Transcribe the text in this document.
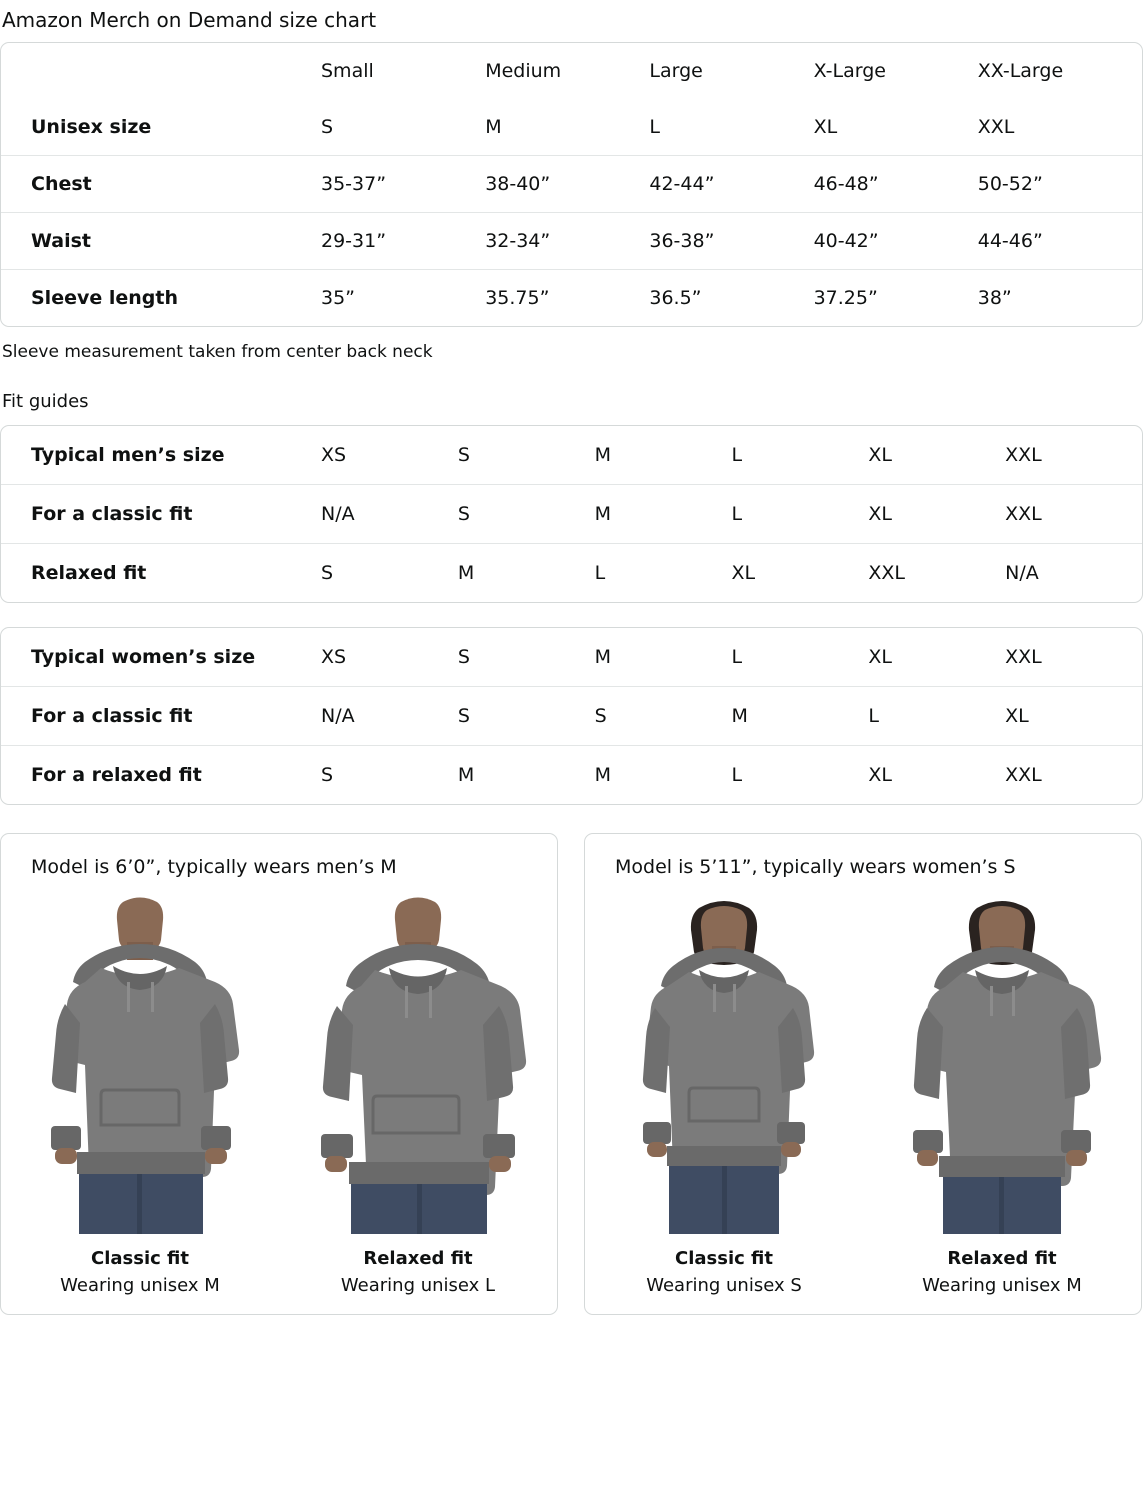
Amazon Merch on Demand size chart
	Small	Medium	Large	X-Large	XX-Large
Unisex size	S	M	L	XL	XXL
Chest	35-37”	38-40”	42-44”	46-48”	50-52”
Waist	29-31”	32-34”	36-38”	40-42”	44-46”
Sleeve length	35”	35.75”	36.5”	37.25”	38”
Sleeve measurement taken from center back neck
Fit guides
Typical men’s size	XS	S	M	L	XL	XXL
For a classic fit	N/A	S	M	L	XL	XXL
Relaxed fit	S	M	L	XL	XXL	N/A
Typical women’s size	XS	S	M	L	XL	XXL
For a classic fit	N/A	S	S	M	L	XL
For a relaxed fit	S	M	M	L	XL	XXL
Model is 6’0”, typically wears men’s M
Classic fit
Wearing unisex M
Relaxed fit
Wearing unisex L
Model is 5’11”, typically wears women’s S
Classic fit
Wearing unisex S
Relaxed fit
Wearing unisex M
